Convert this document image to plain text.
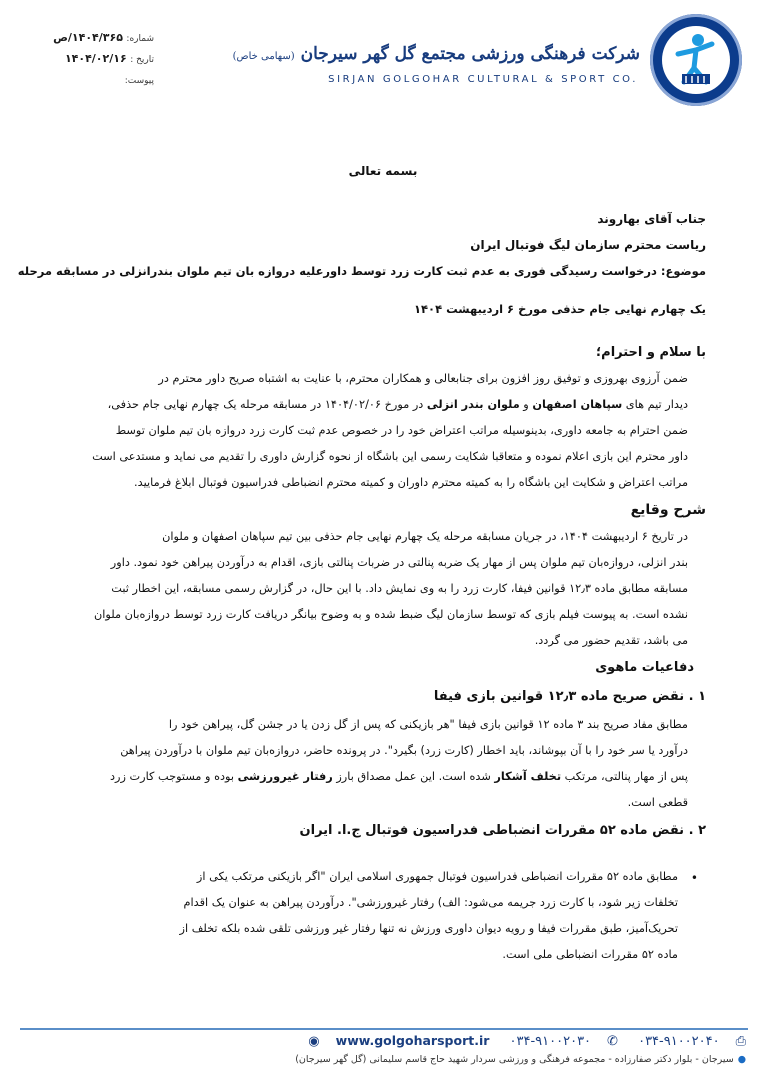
شرکت فرهنگی ورزشی مجتمع گل گهر سیرجان (سهامی خاص)
SIRJAN GOLGOHAR CULTURAL & SPORT CO.
شماره: ۱۴۰۴/۳۶۵/ص
تاریخ : ۱۴۰۴/۰۲/۱۶
پیوست:
بسمه تعالی
جناب آقای بهاروند
ریاست محترم سازمان لیگ فوتبال ایران
موضوع: درخواست رسیدگی فوری به عدم ثبت کارت زرد توسط داورعلیه دروازه بان تیم ملوان بندرانزلی در مسابقه مرحله
یک چهارم نهایی جام حذفی مورخ ۶ اردیبهشت ۱۴۰۴
با سلام و احترام؛
ضمن آرزوی بهروزی و توفیق روز افزون برای جنابعالی و همکاران محترم، با عنایت به اشتباه صریح داور محترم در
دیدار تیم های سپاهان اصفهان و ملوان بندر انزلی در مورخ ۱۴۰۴/۰۲/۰۶ در مسابقه مرحله یک چهارم نهایی جام حذفی،
ضمن احترام به جامعه داوری، بدینوسیله مراتب اعتراض خود را در خصوص عدم ثبت کارت زرد دروازه بان تیم ملوان توسط
داور محترم این بازی اعلام نموده و متعاقبا شکایت رسمی این باشگاه از نحوه گزارش داوری را تقدیم می نماید و مستدعی است
مراتب اعتراض و شکایت این باشگاه را به کمیته محترم داوران و کمیته محترم انضباطی فدراسیون فوتبال ابلاغ فرمایید.
شرح وقایع
در تاریخ ۶ اردیبهشت ۱۴۰۴، در جریان مسابقه مرحله یک چهارم نهایی جام حذفی بین تیم سپاهان اصفهان و ملوان
بندر انزلی، دروازه‌بان تیم ملوان پس از مهار یک ضربه پنالتی در ضربات پنالتی بازی، اقدام به درآوردن پیراهن خود نمود. داور
مسابقه مطابق ماده ۱۲٫۳ قوانین فیفا، کارت زرد را به وی نمایش داد. با این حال، در گزارش رسمی مسابقه، این اخطار ثبت
نشده است. به پیوست فیلم بازی که توسط سازمان لیگ ضبط شده و به وضوح بیانگر دریافت کارت زرد توسط دروازه‌بان ملوان
می باشد، تقدیم حضور می گردد.
دفاعیات ماهوی
۱ . نقض صریح ماده ۱۲٫۳ قوانین بازی فیفا
مطابق مفاد صریح بند ۳ ماده ۱۲ قوانین بازی فیفا "هر بازیکنی که پس از گل زدن یا در جشن گل، پیراهن خود را
درآورد یا سر خود را با آن بپوشاند، باید اخطار (کارت زرد) بگیرد". در پرونده حاضر، دروازه‌بان تیم ملوان با درآوردن پیراهن
پس از مهار پنالتی، مرتکب تخلف آشکار شده است. این عمل مصداق بارز رفتار غیرورزشی بوده و مستوجب کارت زرد
قطعی است.
۲ . نقض ماده ۵۲ مقررات انضباطی فدراسیون فوتبال ج.ا. ایران
•
مطابق ماده ۵۲ مقررات انضباطی فدراسیون فوتبال جمهوری اسلامی ایران "اگر بازیکنی مرتکب یکی از
تخلفات زیر شود، با کارت زرد جریمه می‌شود: الف) رفتار غیرورزشی". درآوردن پیراهن به عنوان یک اقدام
تحریک‌آمیز، طبق مقررات فیفا و رویه دیوان داوری ورزش نه تنها رفتار غیر ورزشی تلقی شده بلکه تخلف از
ماده ۵۲ مقررات انضباطی ملی است.
⎙۰۳۴-۹۱۰۰۲۰۴۰ ✆۰۳۴-۹۱۰۰۲۰۳۰ www.golgoharsport.ir◉
●سیرجان - بلوار دکتر صفارزاده - مجموعه فرهنگی و ورزشی سردار شهید حاج قاسم سلیمانی (گل گهر سیرجان)
